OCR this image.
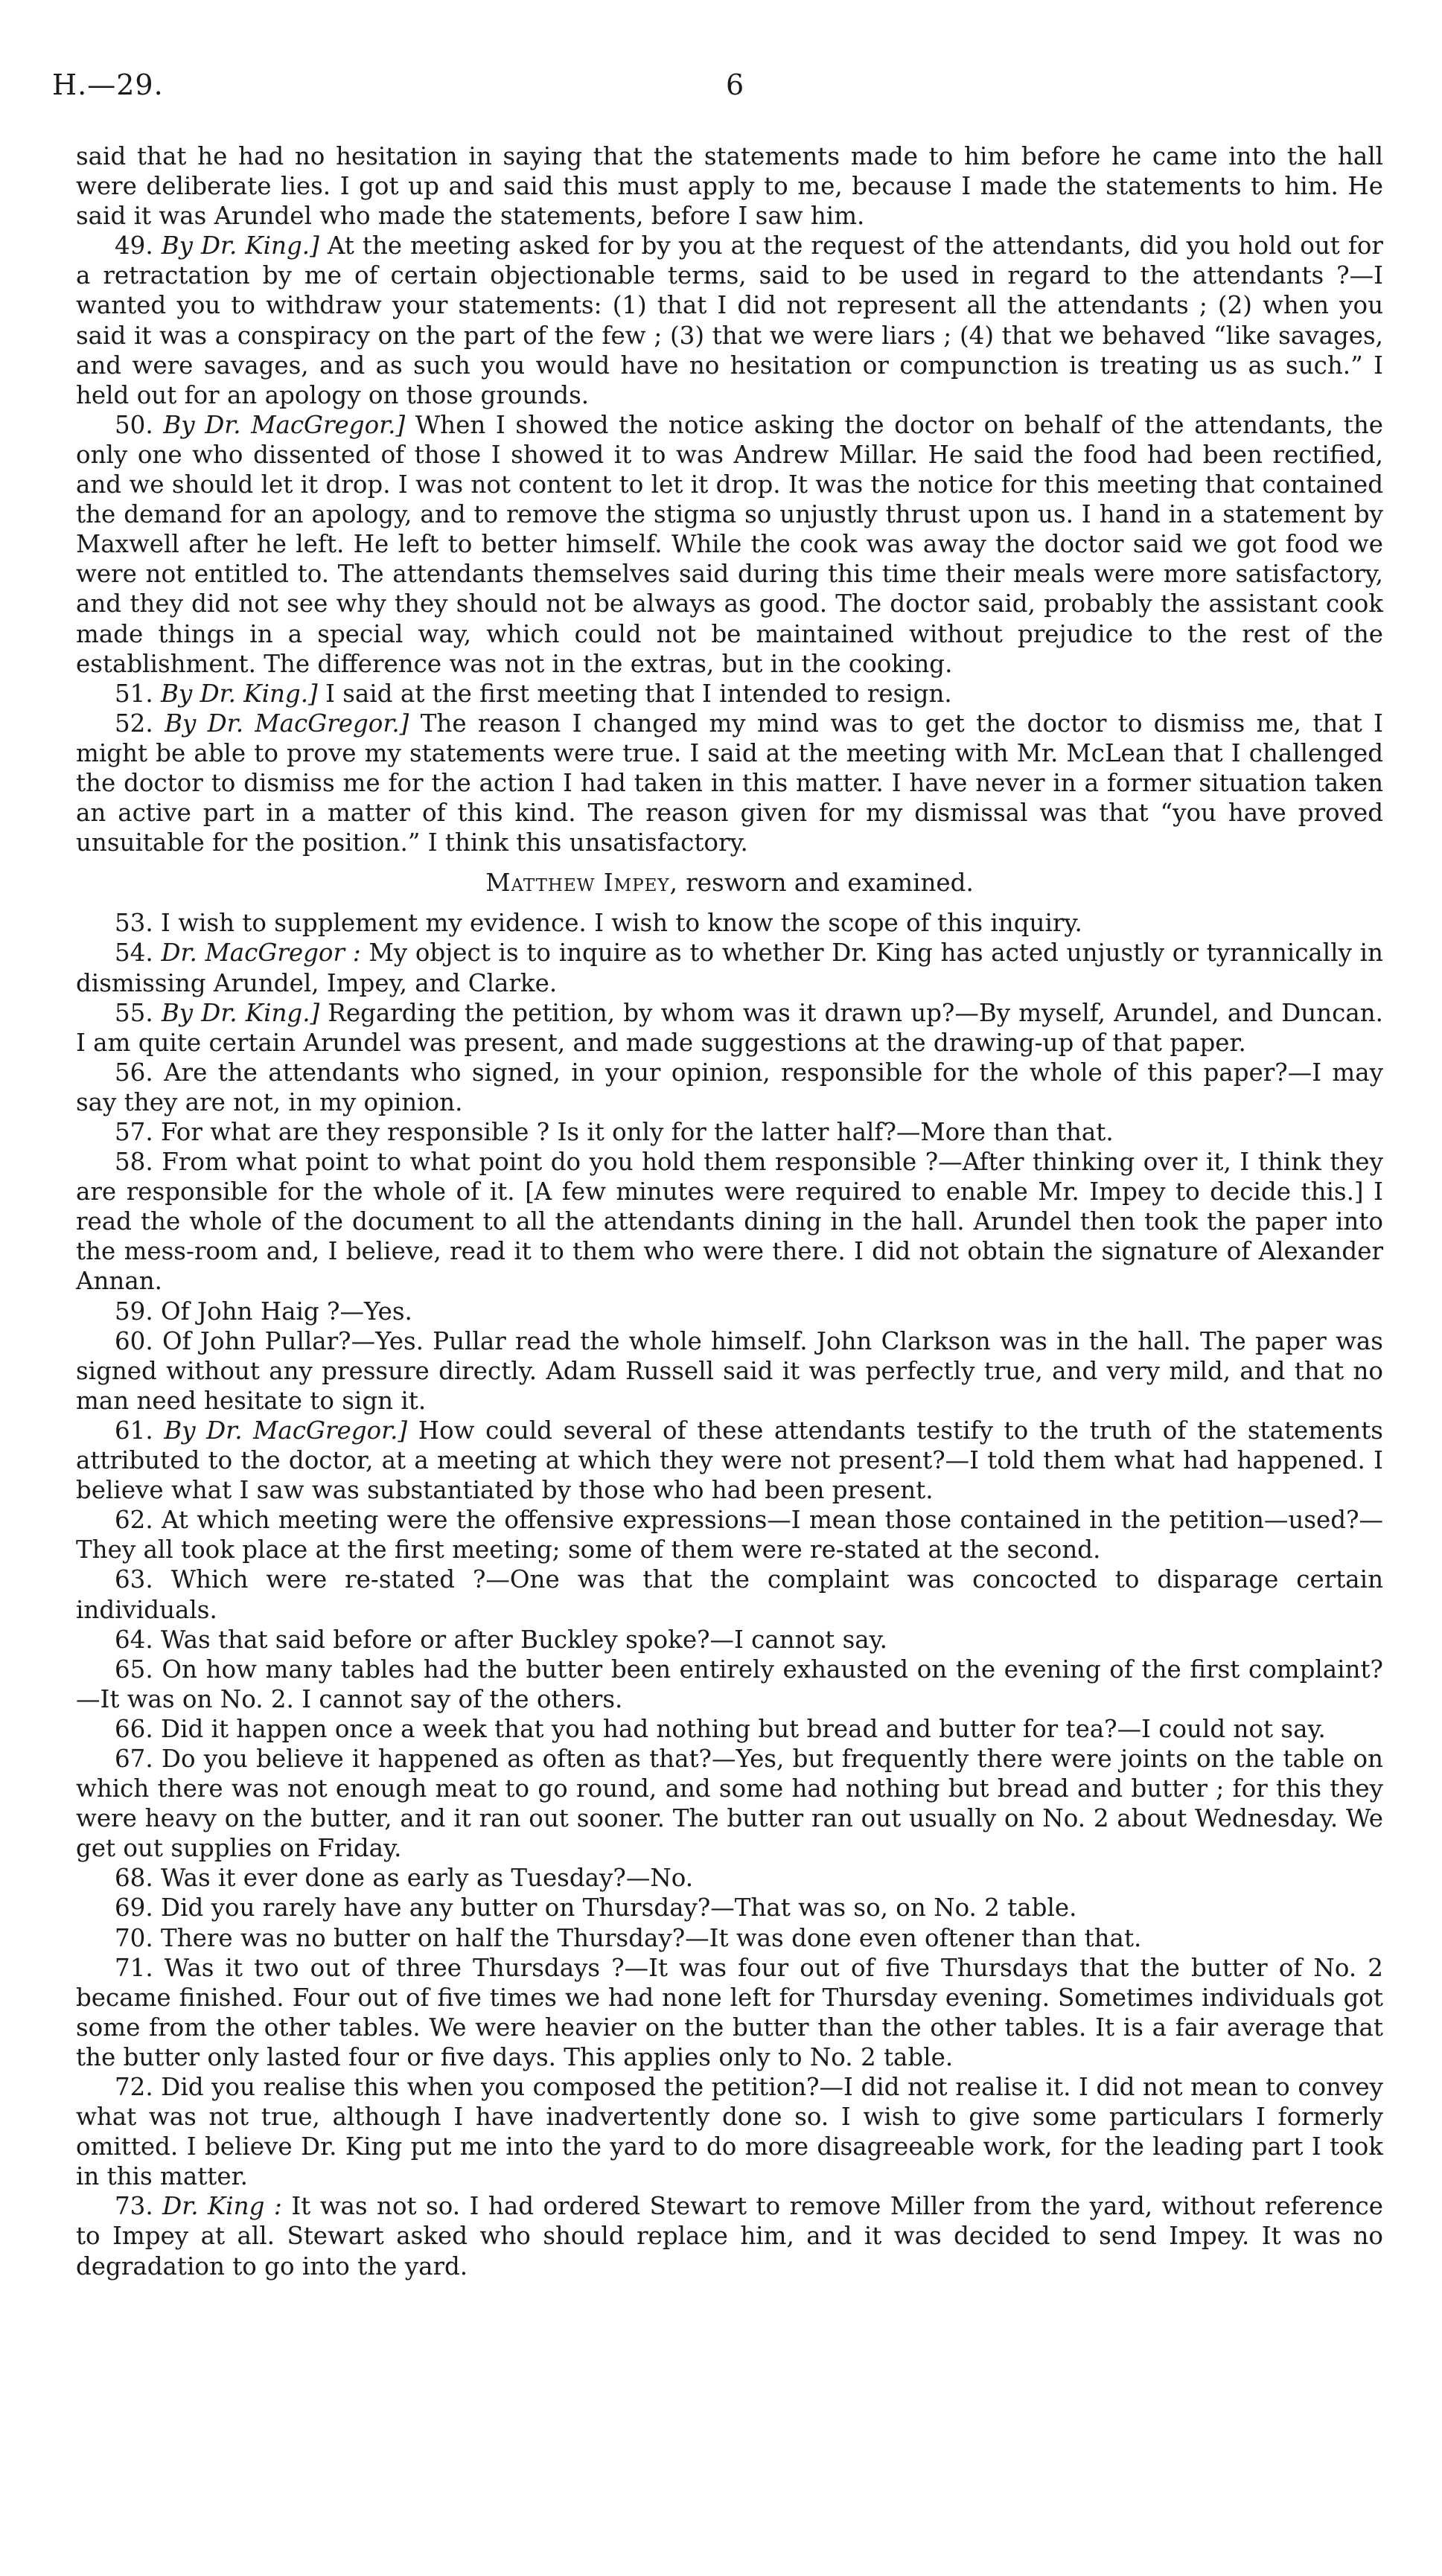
H.—29.	6

said that he had no hesitation in saying that the statements made to him before he came into the hall were deliberate lies. I got up and said this must apply to me, because I made the statements to him. He said it was Arundel who made the statements, before I saw him.

49. By Dr. King.] At the meeting asked for by you at the request of the attendants, did you hold out for a retractation by me of certain objectionable terms, said to be used in regard to the attendants ?—I wanted you to withdraw your statements: (1) that I did not represent all the attendants ; (2) when you said it was a conspiracy on the part of the few ; (3) that we were liars ; (4) that we behaved “like savages, and were savages, and as such you would have no hesitation or compunction is treating us as such.” I held out for an apology on those grounds.

50. By Dr. MacGregor.] When I showed the notice asking the doctor on behalf of the attendants, the only one who dissented of those I showed it to was Andrew Millar. He said the food had been rectified, and we should let it drop. I was not content to let it drop. It was the notice for this meeting that contained the demand for an apology, and to remove the stigma so unjustly thrust upon us. I hand in a statement by Maxwell after he left. He left to better himself. While the cook was away the doctor said we got food we were not entitled to. The attendants themselves said during this time their meals were more satisfactory, and they did not see why they should not be always as good. The doctor said, probably the assistant cook made things in a special way, which could not be maintained without prejudice to the rest of the establishment. The difference was not in the extras, but in the cooking.

51. By Dr. King.] I said at the first meeting that I intended to resign.

52. By Dr. MacGregor.] The reason I changed my mind was to get the doctor to dismiss me, that I might be able to prove my statements were true. I said at the meeting with Mr. McLean that I challenged the doctor to dismiss me for the action I had taken in this matter. I have never in a former situation taken an active part in a matter of this kind. The reason given for my dismissal was that “you have proved unsuitable for the position.” I think this unsatisfactory.

Matthew Impey, resworn and examined.

53. I wish to supplement my evidence. I wish to know the scope of this inquiry.

54. Dr. MacGregor : My object is to inquire as to whether Dr. King has acted unjustly or tyrannically in dismissing Arundel, Impey, and Clarke.

55. By Dr. King.] Regarding the petition, by whom was it drawn up?—By myself, Arundel, and Duncan. I am quite certain Arundel was present, and made suggestions at the drawing-up of that paper.

56. Are the attendants who signed, in your opinion, responsible for the whole of this paper?—I may say they are not, in my opinion.

57. For what are they responsible ? Is it only for the latter half?—More than that.

58. From what point to what point do you hold them responsible ?—After thinking over it, I think they are responsible for the whole of it. [A few minutes were required to enable Mr. Impey to decide this.] I read the whole of the document to all the attendants dining in the hall. Arundel then took the paper into the mess-room and, I believe, read it to them who were there. I did not obtain the signature of Alexander Annan.

59. Of John Haig ?—Yes.

60. Of John Pullar?—Yes. Pullar read the whole himself. John Clarkson was in the hall. The paper was signed without any pressure directly. Adam Russell said it was perfectly true, and very mild, and that no man need hesitate to sign it.

61. By Dr. MacGregor.] How could several of these attendants testify to the truth of the statements attributed to the doctor, at a meeting at which they were not present?—I told them what had happened. I believe what I saw was substantiated by those who had been present.

62. At which meeting were the offensive expressions—I mean those contained in the petition—used?—They all took place at the first meeting; some of them were re-stated at the second.

63. Which were re-stated ?—One was that the complaint was concocted to disparage certain individuals.

64. Was that said before or after Buckley spoke?—I cannot say.

65. On how many tables had the butter been entirely exhausted on the evening of the first complaint?—It was on No. 2. I cannot say of the others.

66. Did it happen once a week that you had nothing but bread and butter for tea?—I could not say.

67. Do you believe it happened as often as that?—Yes, but frequently there were joints on the table on which there was not enough meat to go round, and some had nothing but bread and butter ; for this they were heavy on the butter, and it ran out sooner. The butter ran out usually on No. 2 about Wednesday. We get out supplies on Friday.

68. Was it ever done as early as Tuesday?—No.

69. Did you rarely have any butter on Thursday?—That was so, on No. 2 table.

70. There was no butter on half the Thursday?—It was done even oftener than that.

71. Was it two out of three Thursdays ?—It was four out of five Thursdays that the butter of No. 2 became finished. Four out of five times we had none left for Thursday evening. Sometimes individuals got some from the other tables. We were heavier on the butter than the other tables. It is a fair average that the butter only lasted four or five days. This applies only to No. 2 table.

72. Did you realise this when you composed the petition?—I did not realise it. I did not mean to convey what was not true, although I have inadvertently done so. I wish to give some particulars I formerly omitted. I believe Dr. King put me into the yard to do more disagreeable work, for the leading part I took in this matter.

73. Dr. King : It was not so. I had ordered Stewart to remove Miller from the yard, without reference to Impey at all. Stewart asked who should replace him, and it was decided to send Impey. It was no degradation to go into the yard.
